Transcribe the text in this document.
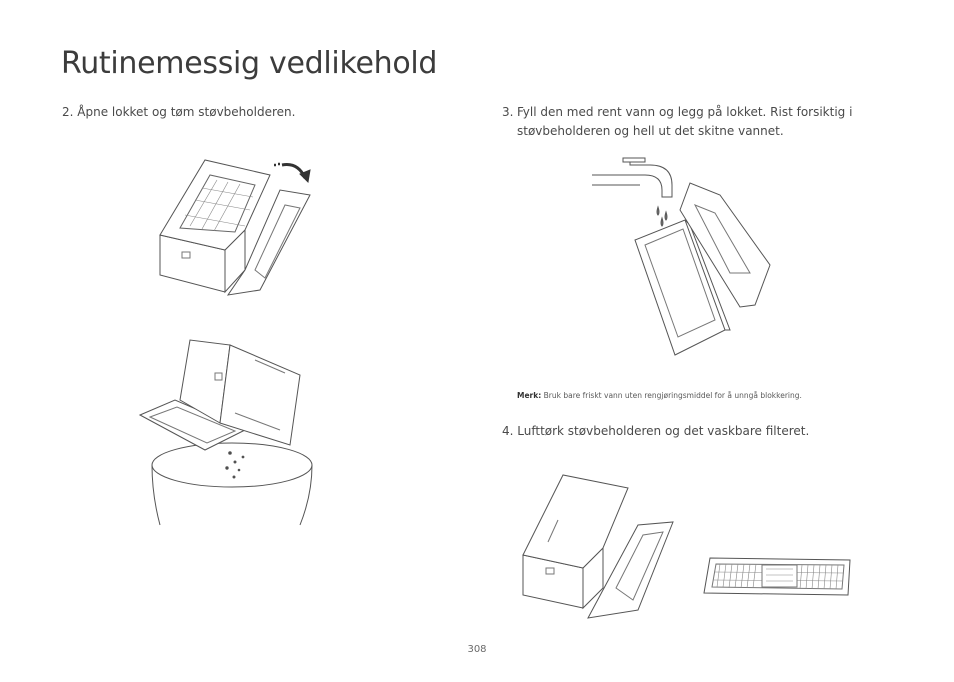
Rutinemessig vedlikehold

2. Åpne lokket og tøm støvbeholderen.	3. Fyll den med rent vann og legg på lokket. Rist forsiktig i
støvbeholderen og hell ut det skitne vannet.

Merk: Bruk bare friskt vann uten rengjøringsmiddel for å unngå blokkering.

4. Lufttørk støvbeholderen og det vaskbare filteret.

308
